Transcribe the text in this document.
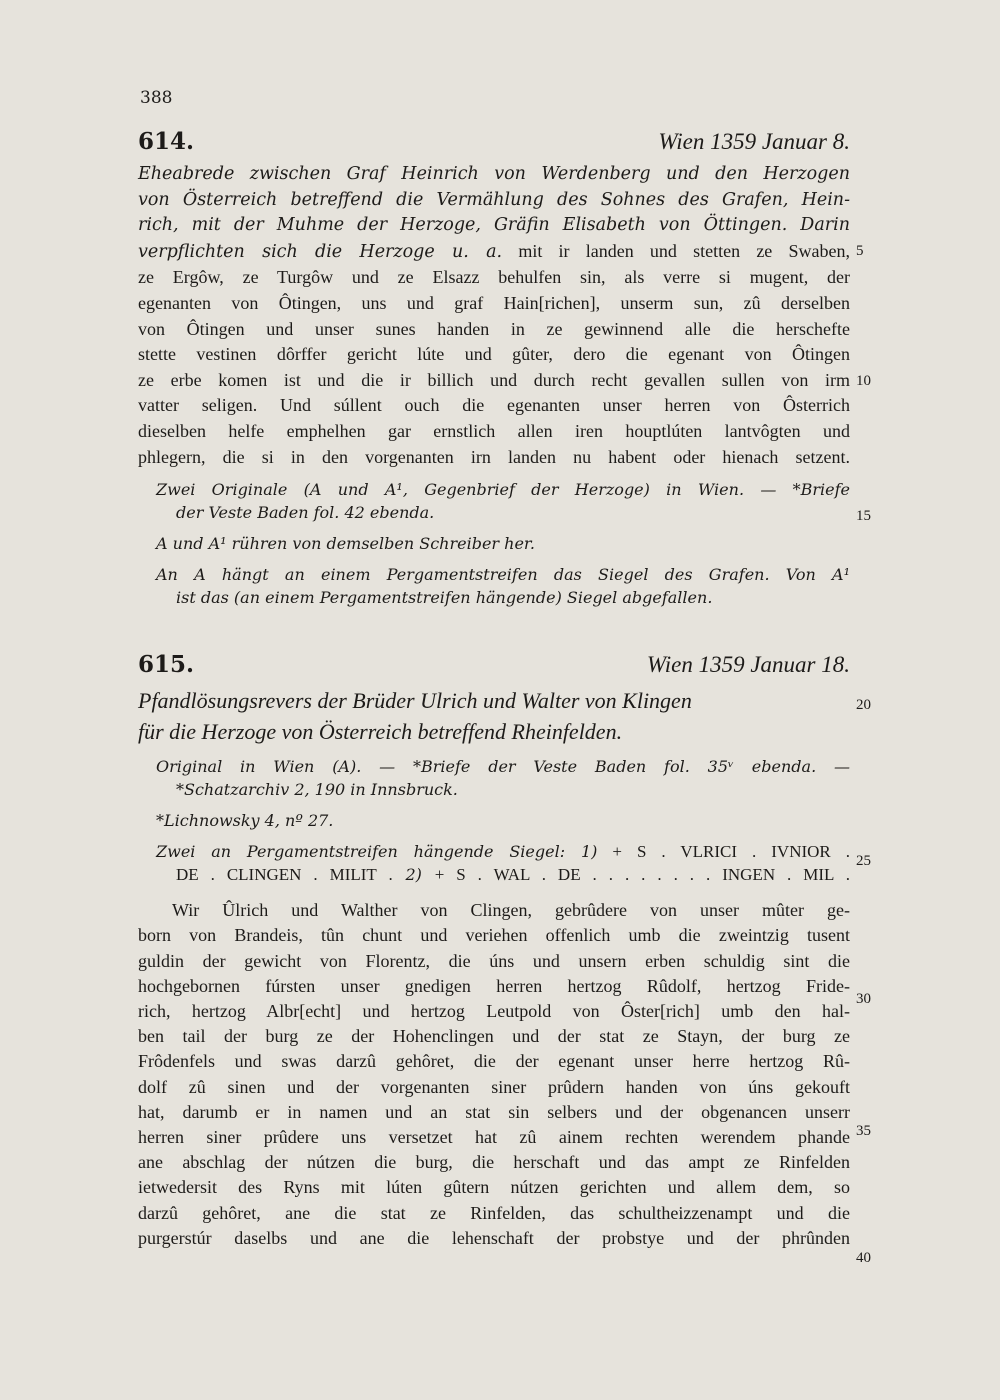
388
5
10
15
20
25
30
35
40
614.	Wien 1359 Januar 8.
Eheabrede zwischen Graf Heinrich von Werdenberg und den Herzogen
von Österreich betreffend die Vermählung des Sohnes des Grafen, Hein-
rich, mit der Muhme der Herzoge, Gräfin Elisabeth von Öttingen. Darin
verpflichten sich die Herzoge u. a. mit ir landen und stetten ze Swaben,
ze Ergôw, ze Turgôw und ze Elsazz behulfen sin, als verre si mugent, der
egenanten von Ôtingen, uns und graf Hain[richen], unserm sun, zû derselben
von Ôtingen und unser sunes handen in ze gewinnend alle die herschefte
stette vestinen dôrffer gericht lúte und gûter, dero die egenant von Ôtingen
ze erbe komen ist und die ir billich und durch recht gevallen sullen von irm
vatter seligen. Und súllent ouch die egenanten unser herren von Ôsterrich
dieselben helfe emphelhen gar ernstlich allen iren houptlúten lantvôgten und
phlegern, die si in den vorgenanten irn landen nu habent oder hienach setzent.
Zwei Originale (A und A¹, Gegenbrief der Herzoge) in Wien. — *Briefe
der Veste Baden fol. 42 ebenda.
A und A¹ rühren von demselben Schreiber her.
An A hängt an einem Pergamentstreifen das Siegel des Grafen. Von A¹
ist das (an einem Pergamentstreifen hängende) Siegel abgefallen.
615.	Wien 1359 Januar 18.
Pfandlösungsrevers der Brüder Ulrich und Walter von Klingen
für die Herzoge von Österreich betreffend Rheinfelden.
Original in Wien (A). — *Briefe der Veste Baden fol. 35ᵛ ebenda. —
*Schatzarchiv 2, 190 in Innsbruck.
*Lichnowsky 4, nº 27.
Zwei an Pergamentstreifen hängende Siegel: 1) + S . VLRICI . IVNIOR .
DE . CLINGEN . MILIT . 2) + S . WAL . DE . . . . . . . . INGEN . MIL .
Wir Ûlrich und Walther von Clingen, gebrûdere von unser mûter ge-
born von Brandeis, tûn chunt und veriehen offenlich umb die zweintzig tusent
guldin der gewicht von Florentz, die úns und unsern erben schuldig sint die
hochgebornen fúrsten unser gnedigen herren hertzog Rûdolf, hertzog Fride-
rich, hertzog Albr[echt] und hertzog Leutpold von Ôster[rich] umb den hal-
ben tail der burg ze der Hohenclingen und der stat ze Stayn, der burg ze
Frôdenfels und swas darzû gehôret, die der egenant unser herre hertzog Rû-
dolf zû sinen und der vorgenanten siner prûdern handen von úns gekouft
hat, darumb er in namen und an stat sin selbers und der obgenancen unserr
herren siner prûdere uns versetzet hat zû ainem rechten werendem phande
ane abschlag der nútzen die burg, die herschaft und das ampt ze Rinfelden
ietwedersit des Ryns mit lúten gûtern nútzen gerichten und allem dem, so
darzû gehôret, ane die stat ze Rinfelden, das schultheizzenampt und die
purgerstúr daselbs und ane die lehenschaft der probstye und der phrûnden
